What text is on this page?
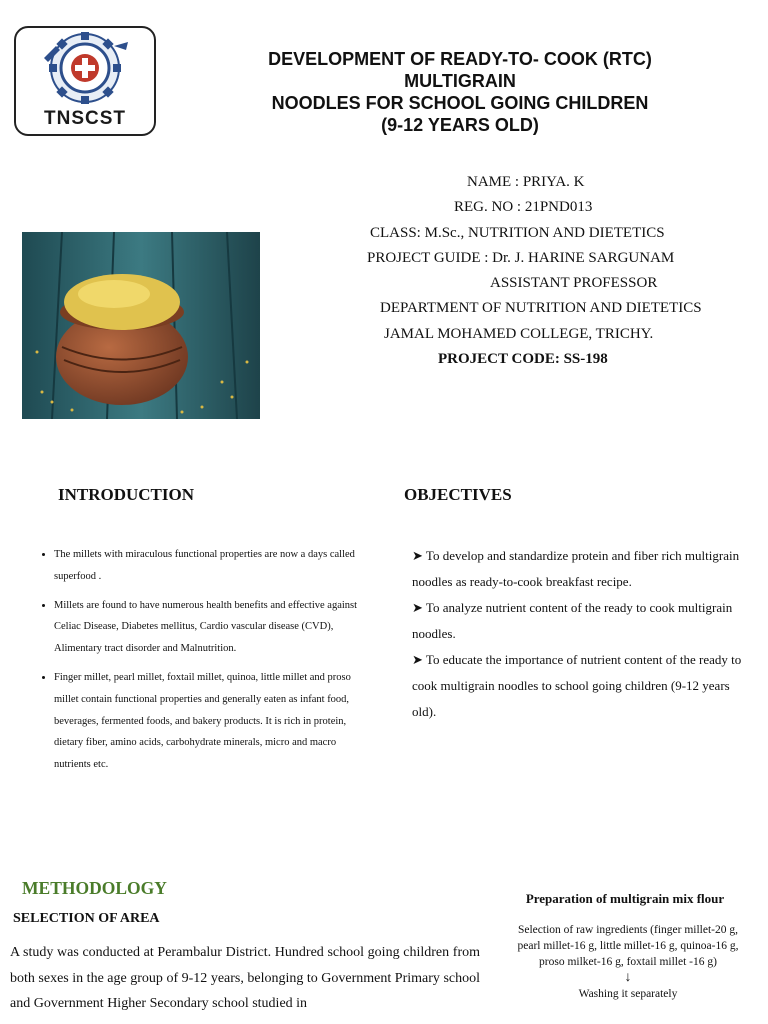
TNSCST
DEVELOPMENT OF READY-TO- COOK (RTC)
MULTIGRAIN
NOODLES FOR SCHOOL GOING CHILDREN
(9-12 YEARS OLD)
NAME : PRIYA. K
REG. NO : 21PND013
CLASS: M.Sc., NUTRITION AND DIETETICS
PROJECT GUIDE : Dr. J. HARINE SARGUNAM
ASSISTANT PROFESSOR
DEPARTMENT OF NUTRITION AND DIETETICS
JAMAL MOHAMED COLLEGE, TRICHY.
PROJECT CODE: SS-198
INTRODUCTION
• The millets with miraculous functional properties are now a days called superfood .
• Millets are found to have numerous health benefits and effective against Celiac Disease, Diabetes mellitus, Cardio vascular disease (CVD), Alimentary tract disorder and Malnutrition.
• Finger millet, pearl millet, foxtail millet, quinoa, little millet and proso millet contain functional properties and generally eaten as infant food, beverages, fermented foods, and bakery products. It is rich in protein, dietary fiber, amino acids, carbohydrate minerals, micro and macro nutrients etc.
OBJECTIVES
➤ To develop and standardize protein and fiber rich multigrain noodles as ready-to-cook breakfast recipe.
➤ To analyze nutrient content of the ready to cook multigrain noodles.
➤ To educate the importance of nutrient content of the ready to cook multigrain noodles to school going children (9-12 years old).
METHODOLOGY
SELECTION OF AREA
A study was conducted at Perambalur District. Hundred school going children from both sexes in the age group of 9-12 years, belonging to Government Primary school and Government Higher Secondary school studied in
Preparation of multigrain mix flour
Selection of raw ingredients (finger millet-20 g, pearl millet-16 g, little millet-16 g, quinoa-16 g, proso milket-16 g, foxtail millet -16 g)
↓
Washing it separately
